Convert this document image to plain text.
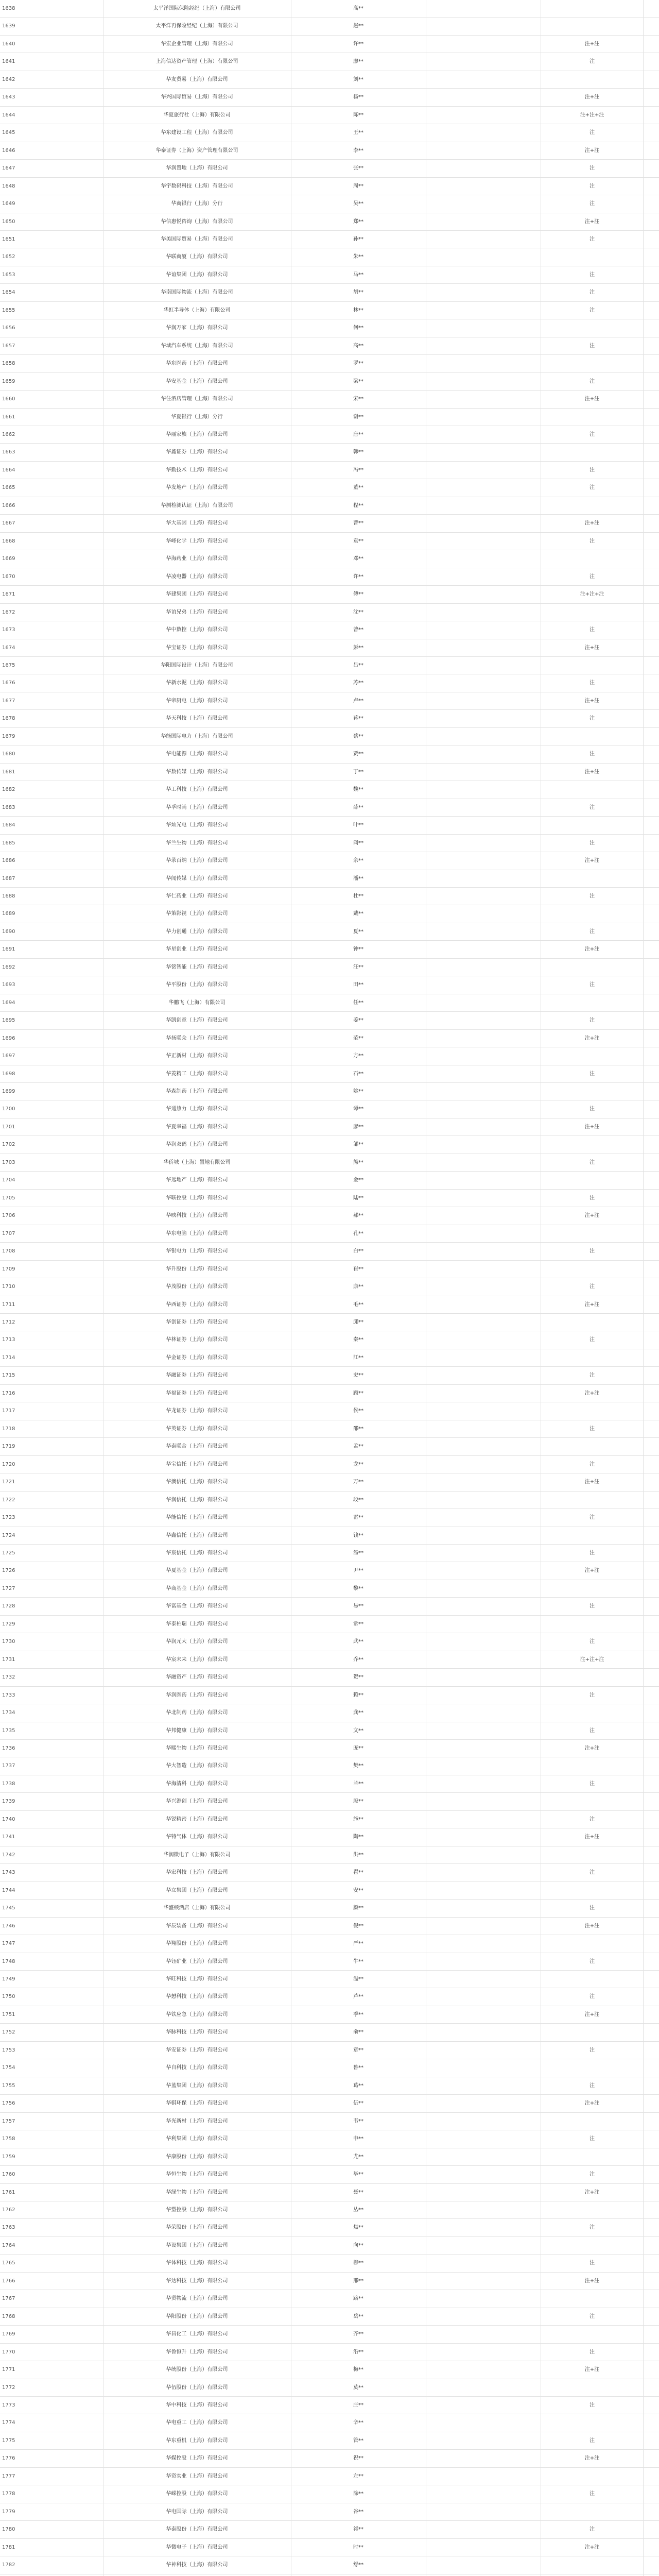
1638	太平洋国际保险经纪（上海）有限公司	高**
1639	太平洋再保险经纪（上海）有限公司	赵**
1640	华宏企业管理（上海）有限公司	许**	注+注
1641	上海信达资产管理（上海）有限公司	廖**	注
1642	华友贸易（上海）有限公司	刘**
1643	华兴国际贸易（上海）有限公司	杨**	注+注
1644	华夏旅行社（上海）有限公司	陈**	注+注+注
1645	华东建设工程（上海）有限公司	王**	注
1646	华泰证券（上海）资产管理有限公司	李**	注+注
1647	华润置地（上海）有限公司	张**	注
1648	华宇数码科技（上海）有限公司	周**	注
1649	华商银行（上海）分行	吴**	注
1650	华信惠悦咨询（上海）有限公司	郑**	注+注
1651	华美国际贸易（上海）有限公司	孙**	注
1652	华联商厦（上海）有限公司	朱**
1653	华谊集团（上海）有限公司	马**	注
1654	华南国际物流（上海）有限公司	胡**	注
1655	华虹半导体（上海）有限公司	林**	注
1656	华润万家（上海）有限公司	何**
1657	华域汽车系统（上海）有限公司	高**	注
1658	华东医药（上海）有限公司	罗**
1659	华安基金（上海）有限公司	梁**	注
1660	华住酒店管理（上海）有限公司	宋**	注+注
1661	华夏银行（上海）分行	谢**
1662	华丽家族（上海）有限公司	唐**	注
1663	华鑫证券（上海）有限公司	韩**
1664	华勤技术（上海）有限公司	冯**	注
1665	华发地产（上海）有限公司	董**	注
1666	华测检测认证（上海）有限公司	程**
1667	华大基因（上海）有限公司	曹**	注+注
1668	华峰化学（上海）有限公司	袁**	注
1669	华海药业（上海）有限公司	邓**
1670	华凌电器（上海）有限公司	许**	注
1671	华建集团（上海）有限公司	傅**	注+注+注
1672	华谊兄弟（上海）有限公司	沈**
1673	华中数控（上海）有限公司	曾**	注
1674	华宝证券（上海）有限公司	彭**	注+注
1675	华阳国际设计（上海）有限公司	吕**
1676	华新水泥（上海）有限公司	苏**	注
1677	华帝厨电（上海）有限公司	卢**	注+注
1678	华天科技（上海）有限公司	蒋**	注
1679	华能国际电力（上海）有限公司	蔡**
1680	华电能源（上海）有限公司	贾**	注
1681	华数传媒（上海）有限公司	丁**	注+注
1682	华工科技（上海）有限公司	魏**
1683	华孚时尚（上海）有限公司	薛**	注
1684	华灿光电（上海）有限公司	叶**
1685	华兰生物（上海）有限公司	阎**	注
1686	华录百纳（上海）有限公司	余**	注+注
1687	华闻传媒（上海）有限公司	潘**
1688	华仁药业（上海）有限公司	杜**	注
1689	华策影视（上海）有限公司	戴**
1690	华力创通（上海）有限公司	夏**	注
1691	华星创业（上海）有限公司	钟**	注+注
1692	华铭智能（上海）有限公司	汪**
1693	华平股份（上海）有限公司	田**	注
1694	华鹏飞（上海）有限公司	任**
1695	华凯创意（上海）有限公司	姜**	注
1696	华扬联众（上海）有限公司	范**	注+注
1697	华正新材（上海）有限公司	方**
1698	华菱精工（上海）有限公司	石**	注
1699	华森制药（上海）有限公司	姚**
1700	华通热力（上海）有限公司	谭**	注
1701	华夏幸福（上海）有限公司	廖**	注+注
1702	华润双鹤（上海）有限公司	邹**
1703	华侨城（上海）置地有限公司	熊**	注
1704	华远地产（上海）有限公司	金**
1705	华联控股（上海）有限公司	陆**	注
1706	华映科技（上海）有限公司	郝**	注+注
1707	华东电脑（上海）有限公司	孔**
1708	华银电力（上海）有限公司	白**	注
1709	华升股份（上海）有限公司	崔**
1710	华茂股份（上海）有限公司	康**	注
1711	华西证券（上海）有限公司	毛**	注+注
1712	华创证券（上海）有限公司	邱**
1713	华林证券（上海）有限公司	秦**	注
1714	华金证券（上海）有限公司	江**
1715	华融证券（上海）有限公司	史**	注
1716	华福证券（上海）有限公司	顾**	注+注
1717	华龙证券（上海）有限公司	侯**
1718	华英证券（上海）有限公司	邵**	注
1719	华泰联合（上海）有限公司	孟**
1720	华宝信托（上海）有限公司	龙**	注
1721	华澳信托（上海）有限公司	万**	注+注
1722	华润信托（上海）有限公司	段**
1723	华能信托（上海）有限公司	雷**	注
1724	华鑫信托（上海）有限公司	钱**
1725	华宸信托（上海）有限公司	汤**	注
1726	华夏基金（上海）有限公司	尹**	注+注
1727	华商基金（上海）有限公司	黎**
1728	华富基金（上海）有限公司	易**	注
1729	华泰柏瑞（上海）有限公司	常**
1730	华润元大（上海）有限公司	武**	注
1731	华宸未来（上海）有限公司	乔**	注+注+注
1732	华融资产（上海）有限公司	贺**
1733	华润医药（上海）有限公司	赖**	注
1734	华北制药（上海）有限公司	龚**
1735	华邦健康（上海）有限公司	文**	注
1736	华熙生物（上海）有限公司	庞**	注+注
1737	华大智造（上海）有限公司	樊**
1738	华海清科（上海）有限公司	兰**	注
1739	华兴源创（上海）有限公司	殷**
1740	华锐精密（上海）有限公司	施**	注
1741	华特气体（上海）有限公司	陶**	注+注
1742	华润微电子（上海）有限公司	洪**
1743	华宏科技（上海）有限公司	翟**	注
1744	华立集团（上海）有限公司	安**
1745	华盛顿酒店（上海）有限公司	颜**	注
1746	华辰装备（上海）有限公司	倪**	注+注
1747	华翔股份（上海）有限公司	严**
1748	华钰矿业（上海）有限公司	牛**	注
1749	华旺科技（上海）有限公司	温**
1750	华懋科技（上海）有限公司	芦**	注
1751	华铁应急（上海）有限公司	季**	注+注
1752	华脉科技（上海）有限公司	俞**
1753	华安证券（上海）有限公司	章**	注
1754	华自科技（上海）有限公司	鲁**
1755	华蓝集团（上海）有限公司	葛**	注
1756	华骐环保（上海）有限公司	伍**	注+注
1757	华光新材（上海）有限公司	韦**
1758	华利集团（上海）有限公司	申**	注
1759	华康股份（上海）有限公司	尤**
1760	华恒生物（上海）有限公司	毕**	注
1761	华绿生物（上海）有限公司	聂**	注+注
1762	华塑控股（上海）有限公司	丛**
1763	华荣股份（上海）有限公司	焦**	注
1764	华设集团（上海）有限公司	向**
1765	华体科技（上海）有限公司	柳**	注
1766	华达科技（上海）有限公司	邢**	注+注
1767	华贸物流（上海）有限公司	路**
1768	华阳股份（上海）有限公司	岳**	注
1769	华昌化工（上海）有限公司	齐**
1770	华鲁恒升（上海）有限公司	沿**	注
1771	华统股份（上海）有限公司	梅**	注+注
1772	华伍股份（上海）有限公司	莫**
1773	华中科技（上海）有限公司	庄**	注
1774	华电重工（上海）有限公司	辛**
1775	华东重机（上海）有限公司	管**	注
1776	华媒控股（上海）有限公司	祝**	注+注
1777	华资实业（上海）有限公司	左**
1778	华嵘控股（上海）有限公司	涂**	注
1779	华电国际（上海）有限公司	谷**
1780	华泰股份（上海）有限公司	祁**	注
1781	华微电子（上海）有限公司	时**	注+注
1782	华神科技（上海）有限公司	舒**
